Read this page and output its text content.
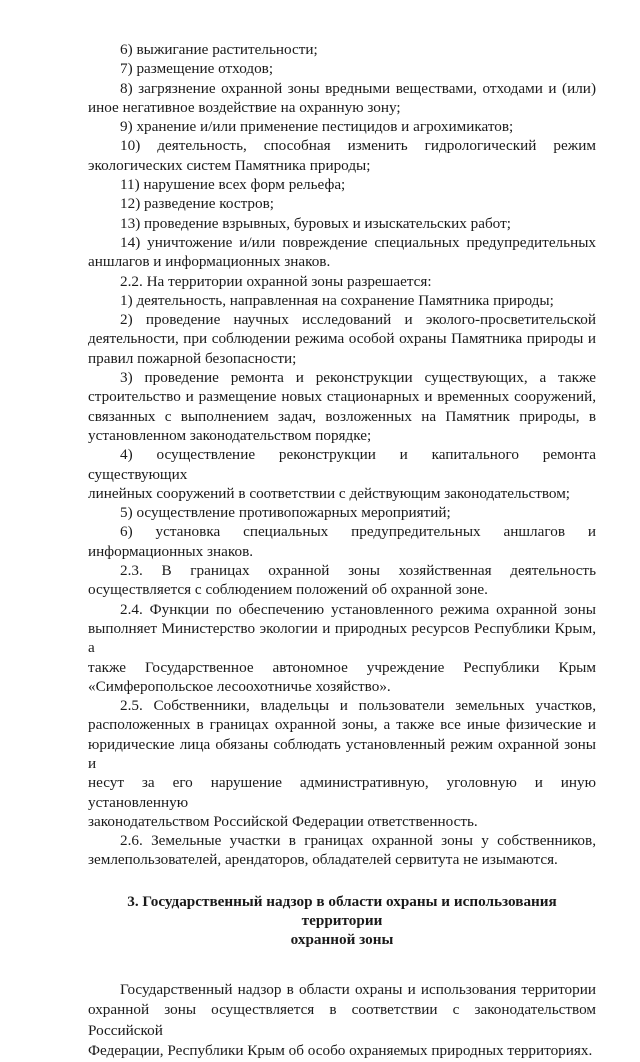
6) выжигание растительности;

7) размещение отходов;

8) загрязнение охранной зоны вредными веществами, отходами и (или)

иное негативное воздействие на охранную зону;

9) хранение и/или применение пестицидов и агрохимикатов;

10) деятельность, способная изменить гидрологический режим

экологических систем Памятника природы;

11) нарушение всех форм рельефа;

12) разведение костров;

13) проведение взрывных, буровых и изыскательских работ;

14) уничтожение и/или повреждение специальных предупредительных

аншлагов и информационных знаков.

2.2. На территории охранной зоны разрешается:

1) деятельность, направленная на сохранение Памятника природы;

2) проведение научных исследований и эколого-просветительской

деятельности, при соблюдении режима особой охраны Памятника природы и

правил пожарной безопасности;

3) проведение ремонта и реконструкции существующих, а также

строительство и размещение новых стационарных и временных сооружений,

связанных с выполнением задач, возложенных на Памятник природы, в

установленном законодательством порядке;

4) осуществление реконструкции и капитального ремонта существующих

линейных сооружений в соответствии с действующим законодательством;

5) осуществление противопожарных мероприятий;

6) установка специальных предупредительных аншлагов и

информационных знаков.

2.3. В границах охранной зоны хозяйственная деятельность

осуществляется с соблюдением положений об охранной зоне.

2.4. Функции по обеспечению установленного режима охранной зоны

выполняет Министерство экологии и природных ресурсов Республики Крым, а

также Государственное автономное учреждение Республики Крым

«Симферопольское лесоохотничье хозяйство».

2.5. Собственники, владельцы и пользователи земельных участков,

расположенных в границах охранной зоны, а также все иные физические и

юридические лица обязаны соблюдать установленный режим охранной зоны и

несут за его нарушение административную, уголовную и иную установленную

законодательством Российской Федерации ответственность.

2.6. Земельные участки в границах охранной зоны у собственников,

землепользователей, арендаторов, обладателей сервитута не изымаются.

3. Государственный надзор в области охраны и использования территории
охранной зоны

Государственный надзор в области охраны и использования территории

охранной зоны осуществляется в соответствии с законодательством Российской

Федерации, Республики Крым об особо охраняемых природных территориях.
